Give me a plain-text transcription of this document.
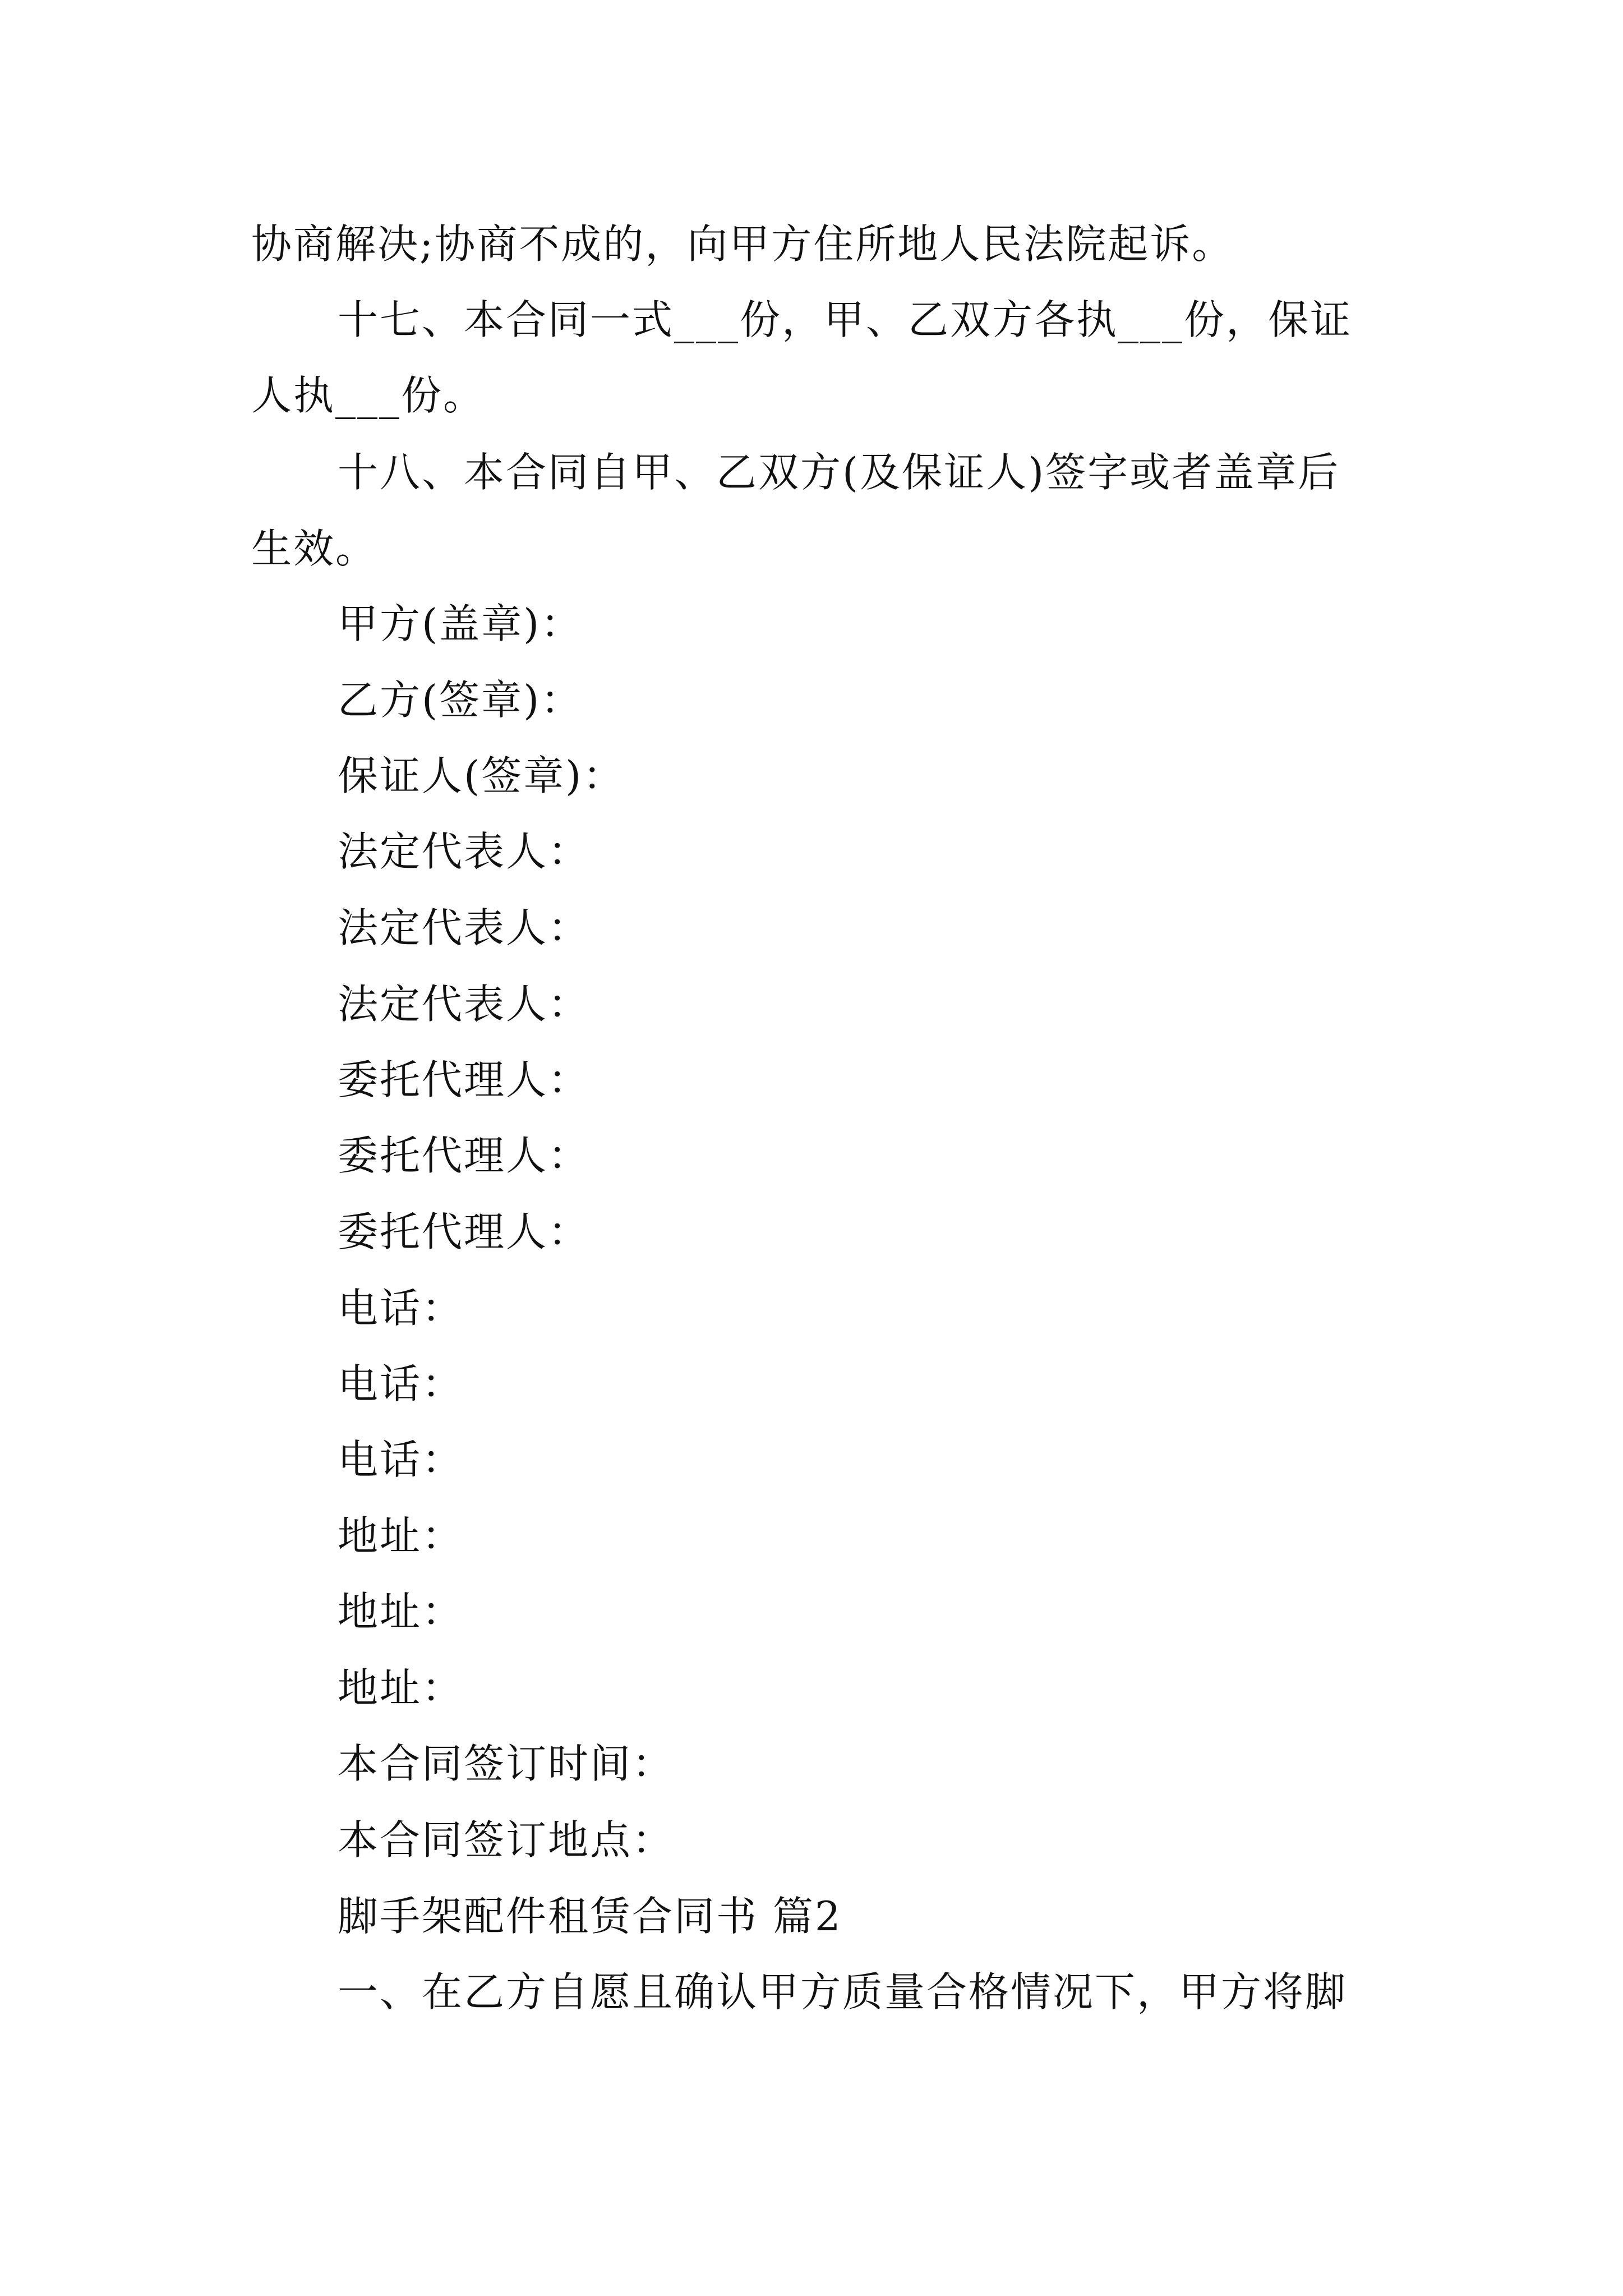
协商解决;协商不成的，向甲方住所地人民法院起诉。
十七、本合同一式___份，甲、乙双方各执___份，保证
人执___份。
十八、本合同自甲、乙双方(及保证人)签字或者盖章后
生效。
甲方(盖章)：
乙方(签章)：
保证人(签章)：
法定代表人：
法定代表人：
法定代表人：
委托代理人：
委托代理人：
委托代理人：
电话：
电话：
电话：
地址：
地址：
地址：
本合同签订时间：
本合同签订地点：
脚手架配件租赁合同书 篇2
一、在乙方自愿且确认甲方质量合格情况下，甲方将脚
